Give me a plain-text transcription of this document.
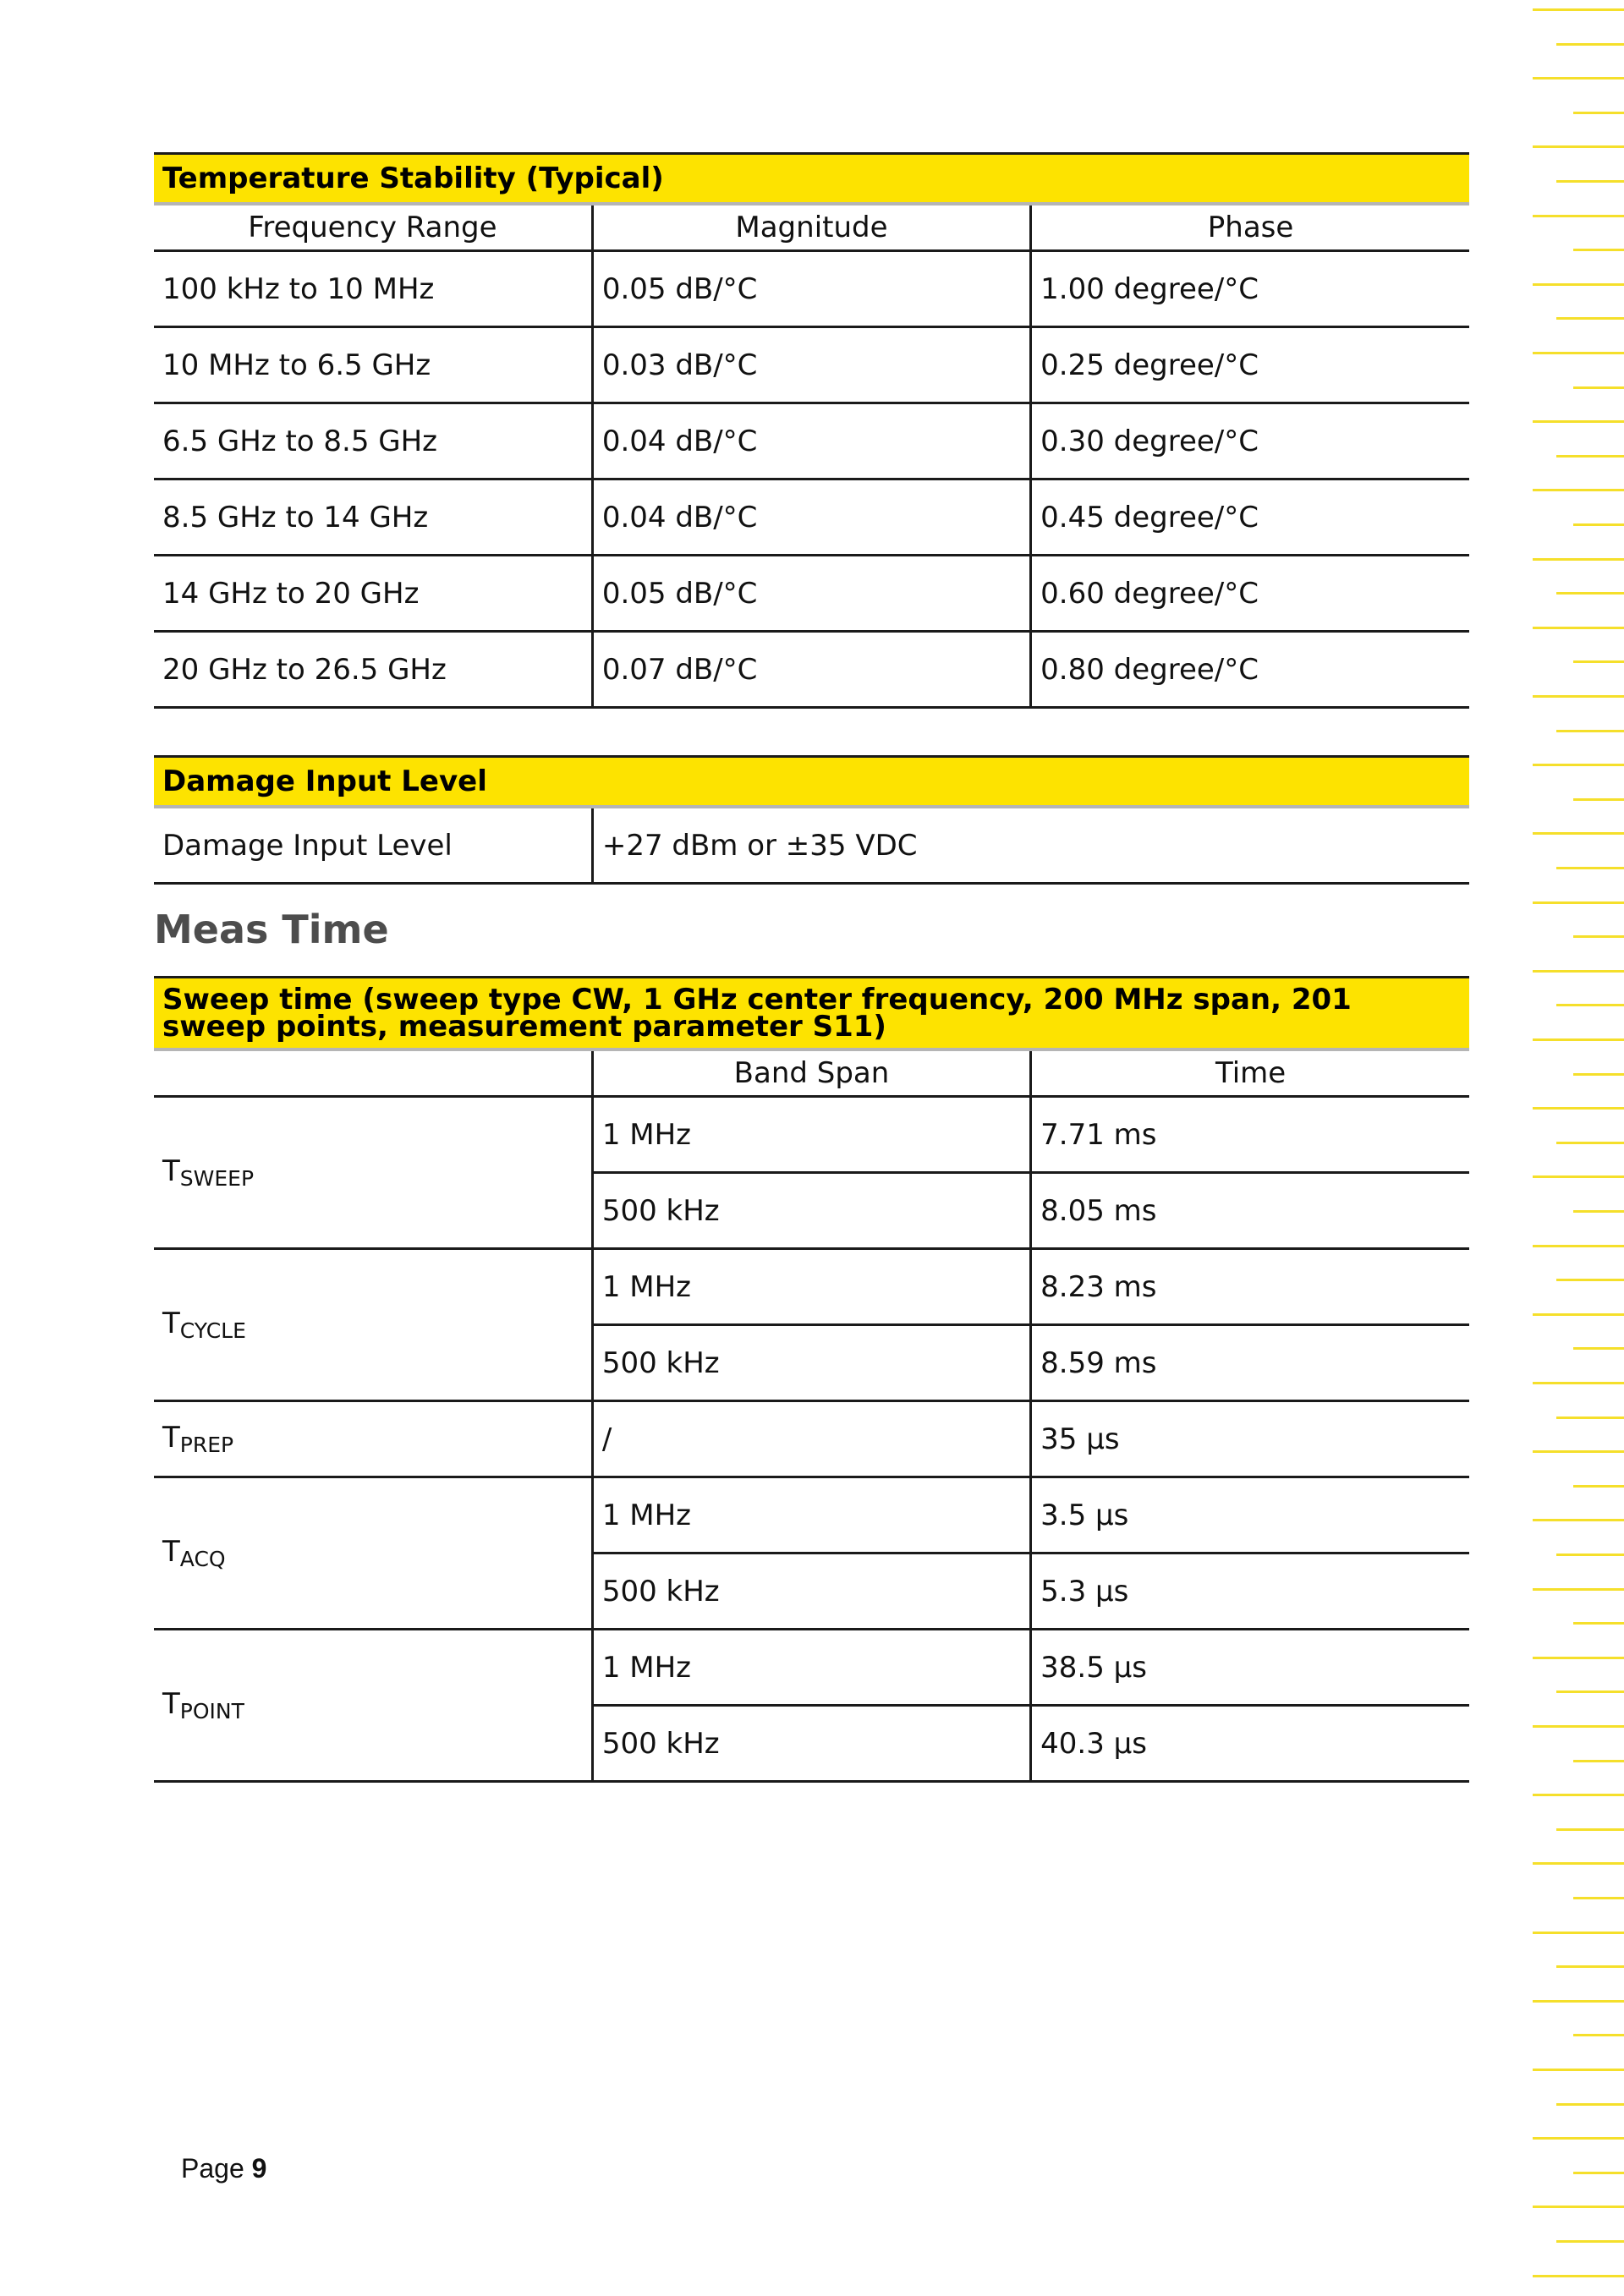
Temperature Stability (Typical)		
Frequency Range	Magnitude	Phase
100 kHz to 10 MHz	0.05 dB/°C	1.00 degree/°C
10 MHz to 6.5 GHz	0.03 dB/°C	0.25 degree/°C
6.5 GHz to 8.5 GHz	0.04 dB/°C	0.30 degree/°C
8.5 GHz to 14 GHz	0.04 dB/°C	0.45 degree/°C
14 GHz to 20 GHz	0.05 dB/°C	0.60 degree/°C
20 GHz to 26.5 GHz	0.07 dB/°C	0.80 degree/°C
Damage Input Level
Damage Input Level	+27 dBm or ±35 VDC
Meas Time
Sweep time (sweep type CW, 1 GHz center frequency, 200 MHz span, 201 sweep points, measurement parameter S11)		
	Band Span	Time
$T_{SWEEP}$	1 MHz	7.71 ms
	500 kHz	8.05 ms
$T_{CYCLE}$	1 MHz	8.23 ms
	500 kHz	8.59 ms
$T_{PREP}$	/	35 μs
$T_{ACQ}$	1 MHz	3.5 μs
	500 kHz	5.3 μs
$T_{POINT}$	1 MHz	38.5 μs
	500 kHz	40.3 μs
Page 9
